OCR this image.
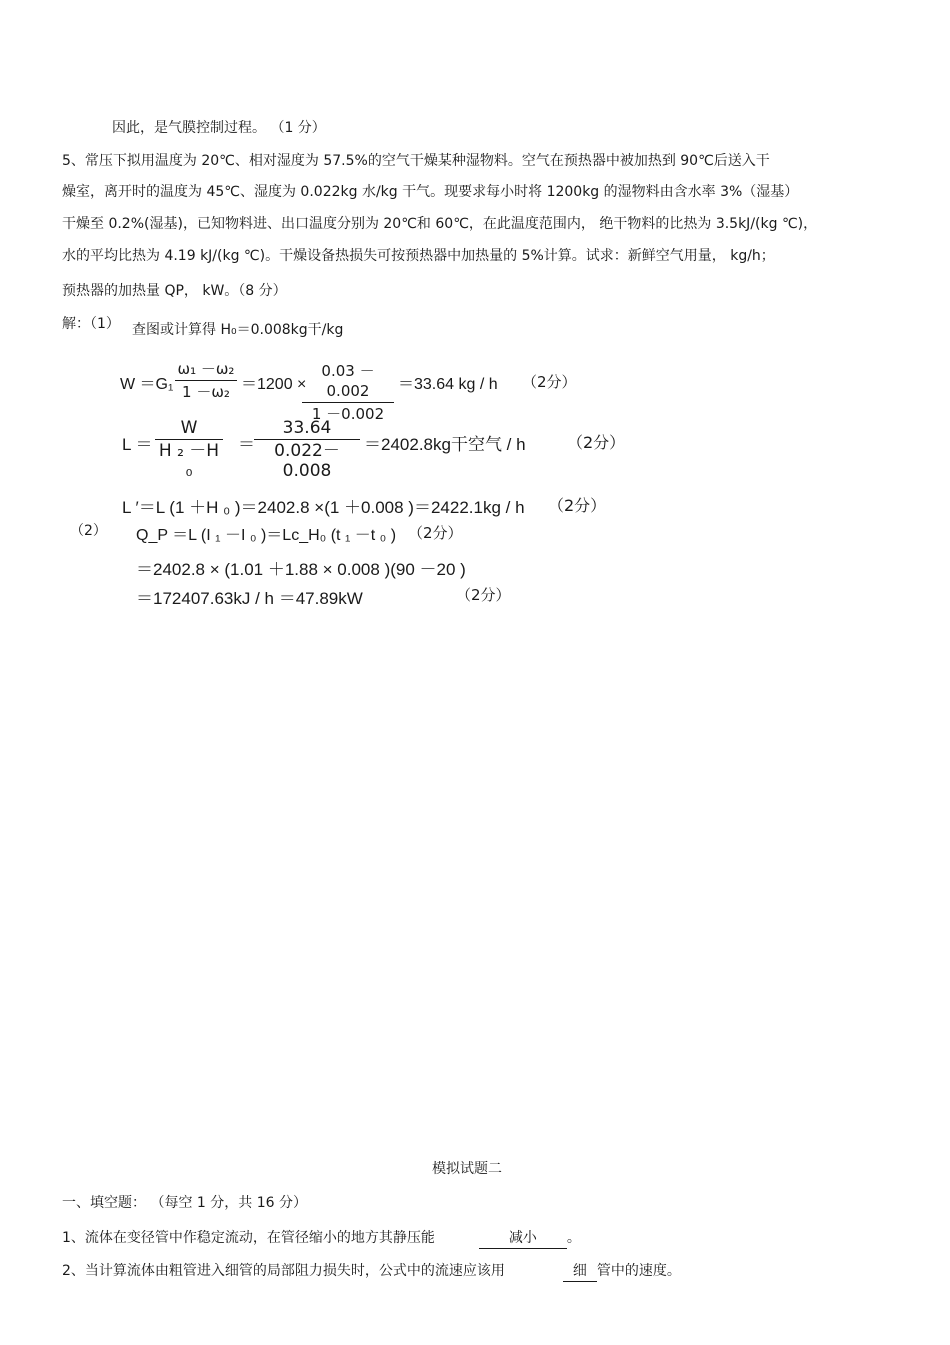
因此，是气膜控制过程。 （1 分）
5、常压下拟用温度为 20℃、相对湿度为 57.5%的空气干燥某种湿物料。空气在预热器中被加热到 90℃后送入干
燥室，离开时的温度为 45℃、湿度为 0.022kg 水/kg 干气。现要求每小时将 1200kg 的湿物料由含水率 3%（湿基）
干燥至 0.2%(湿基)，已知物料进、出口温度分别为 20℃和 60℃，在此温度范围内， 绝干物料的比热为 3.5kJ/(kg ℃)，
水的平均比热为 4.19 kJ/(kg ℃)。干燥设备热损失可按预热器中加热量的 5%计算。试求：新鲜空气用量， kg/h；
预热器的加热量 QP， kW。（8 分）
解：（1） 查图或计算得 H₀＝0.008kg干/kg
W ＝G₁
ω₁ －ω₂
1 －ω₂ ＝1200 ×
0.03 －0.002
1 －0.002
＝33.64 kg / h （2分）
L ＝
W
H ₂ －H ₀
＝
33.64
0.022－0.008
＝2402.8kg干空气 / h	（2分）
L ′＝L (1 ＋H ₀ )＝2402.8 ×(1 ＋0.008 )＝2422.1kg / h （2分）
（2） Q_P ＝L (I ₁ －I ₀ )＝Lc_H₀ (t ₁ －t ₀ ) （2分）
＝2402.8 × (1.01 ＋1.88 × 0.008 )(90 －20 )
＝172407.63kJ / h ＝47.89kW	（2分）
模拟试题二
一、填空题： （每空 1 分，共 16 分）
1、流体在变径管中作稳定流动，在管径缩小的地方其静压能	减小 。
2、当计算流体由粗管进入细管的局部阻力损失时，公式中的流速应该用	细 管中的速度。
